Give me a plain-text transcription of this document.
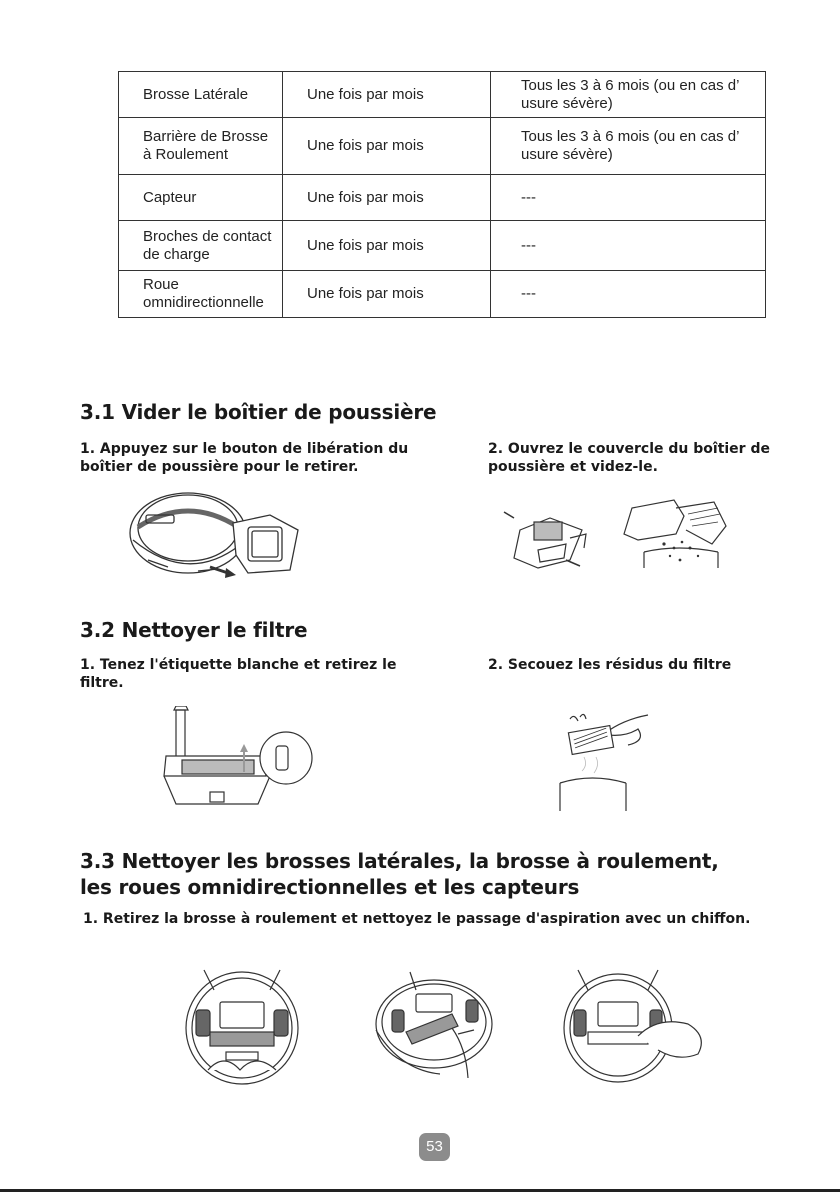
Brosse Latérale	Une fois par mois	Tous les 3 à 6 mois (ou en cas d’ usure sévère)
Barrière de Brosse à Roulement	Une fois par mois	Tous les 3 à 6 mois (ou en cas d’ usure sévère)
Capteur	Une fois par mois	---
Broches de contact de charge	Une fois par mois	---
Roue omnidirectionnelle	Une fois par mois	---
3.1 Vider le boîtier de poussière

1. Appuyez sur le bouton de libération du boîtier de poussière pour le retirer.

2. Ouvrez le couvercle du boîtier de poussière et videz-le.

3.2 Nettoyer le filtre

1. Tenez l'étiquette blanche et retirez le filtre.

2. Secouez les résidus du filtre

3.3 Nettoyer les brosses latérales, la brosse à roulement,
les roues omnidirectionnelles et les capteurs

1. Retirez la brosse à roulement et nettoyez le passage d'aspiration avec un chiffon.

53
